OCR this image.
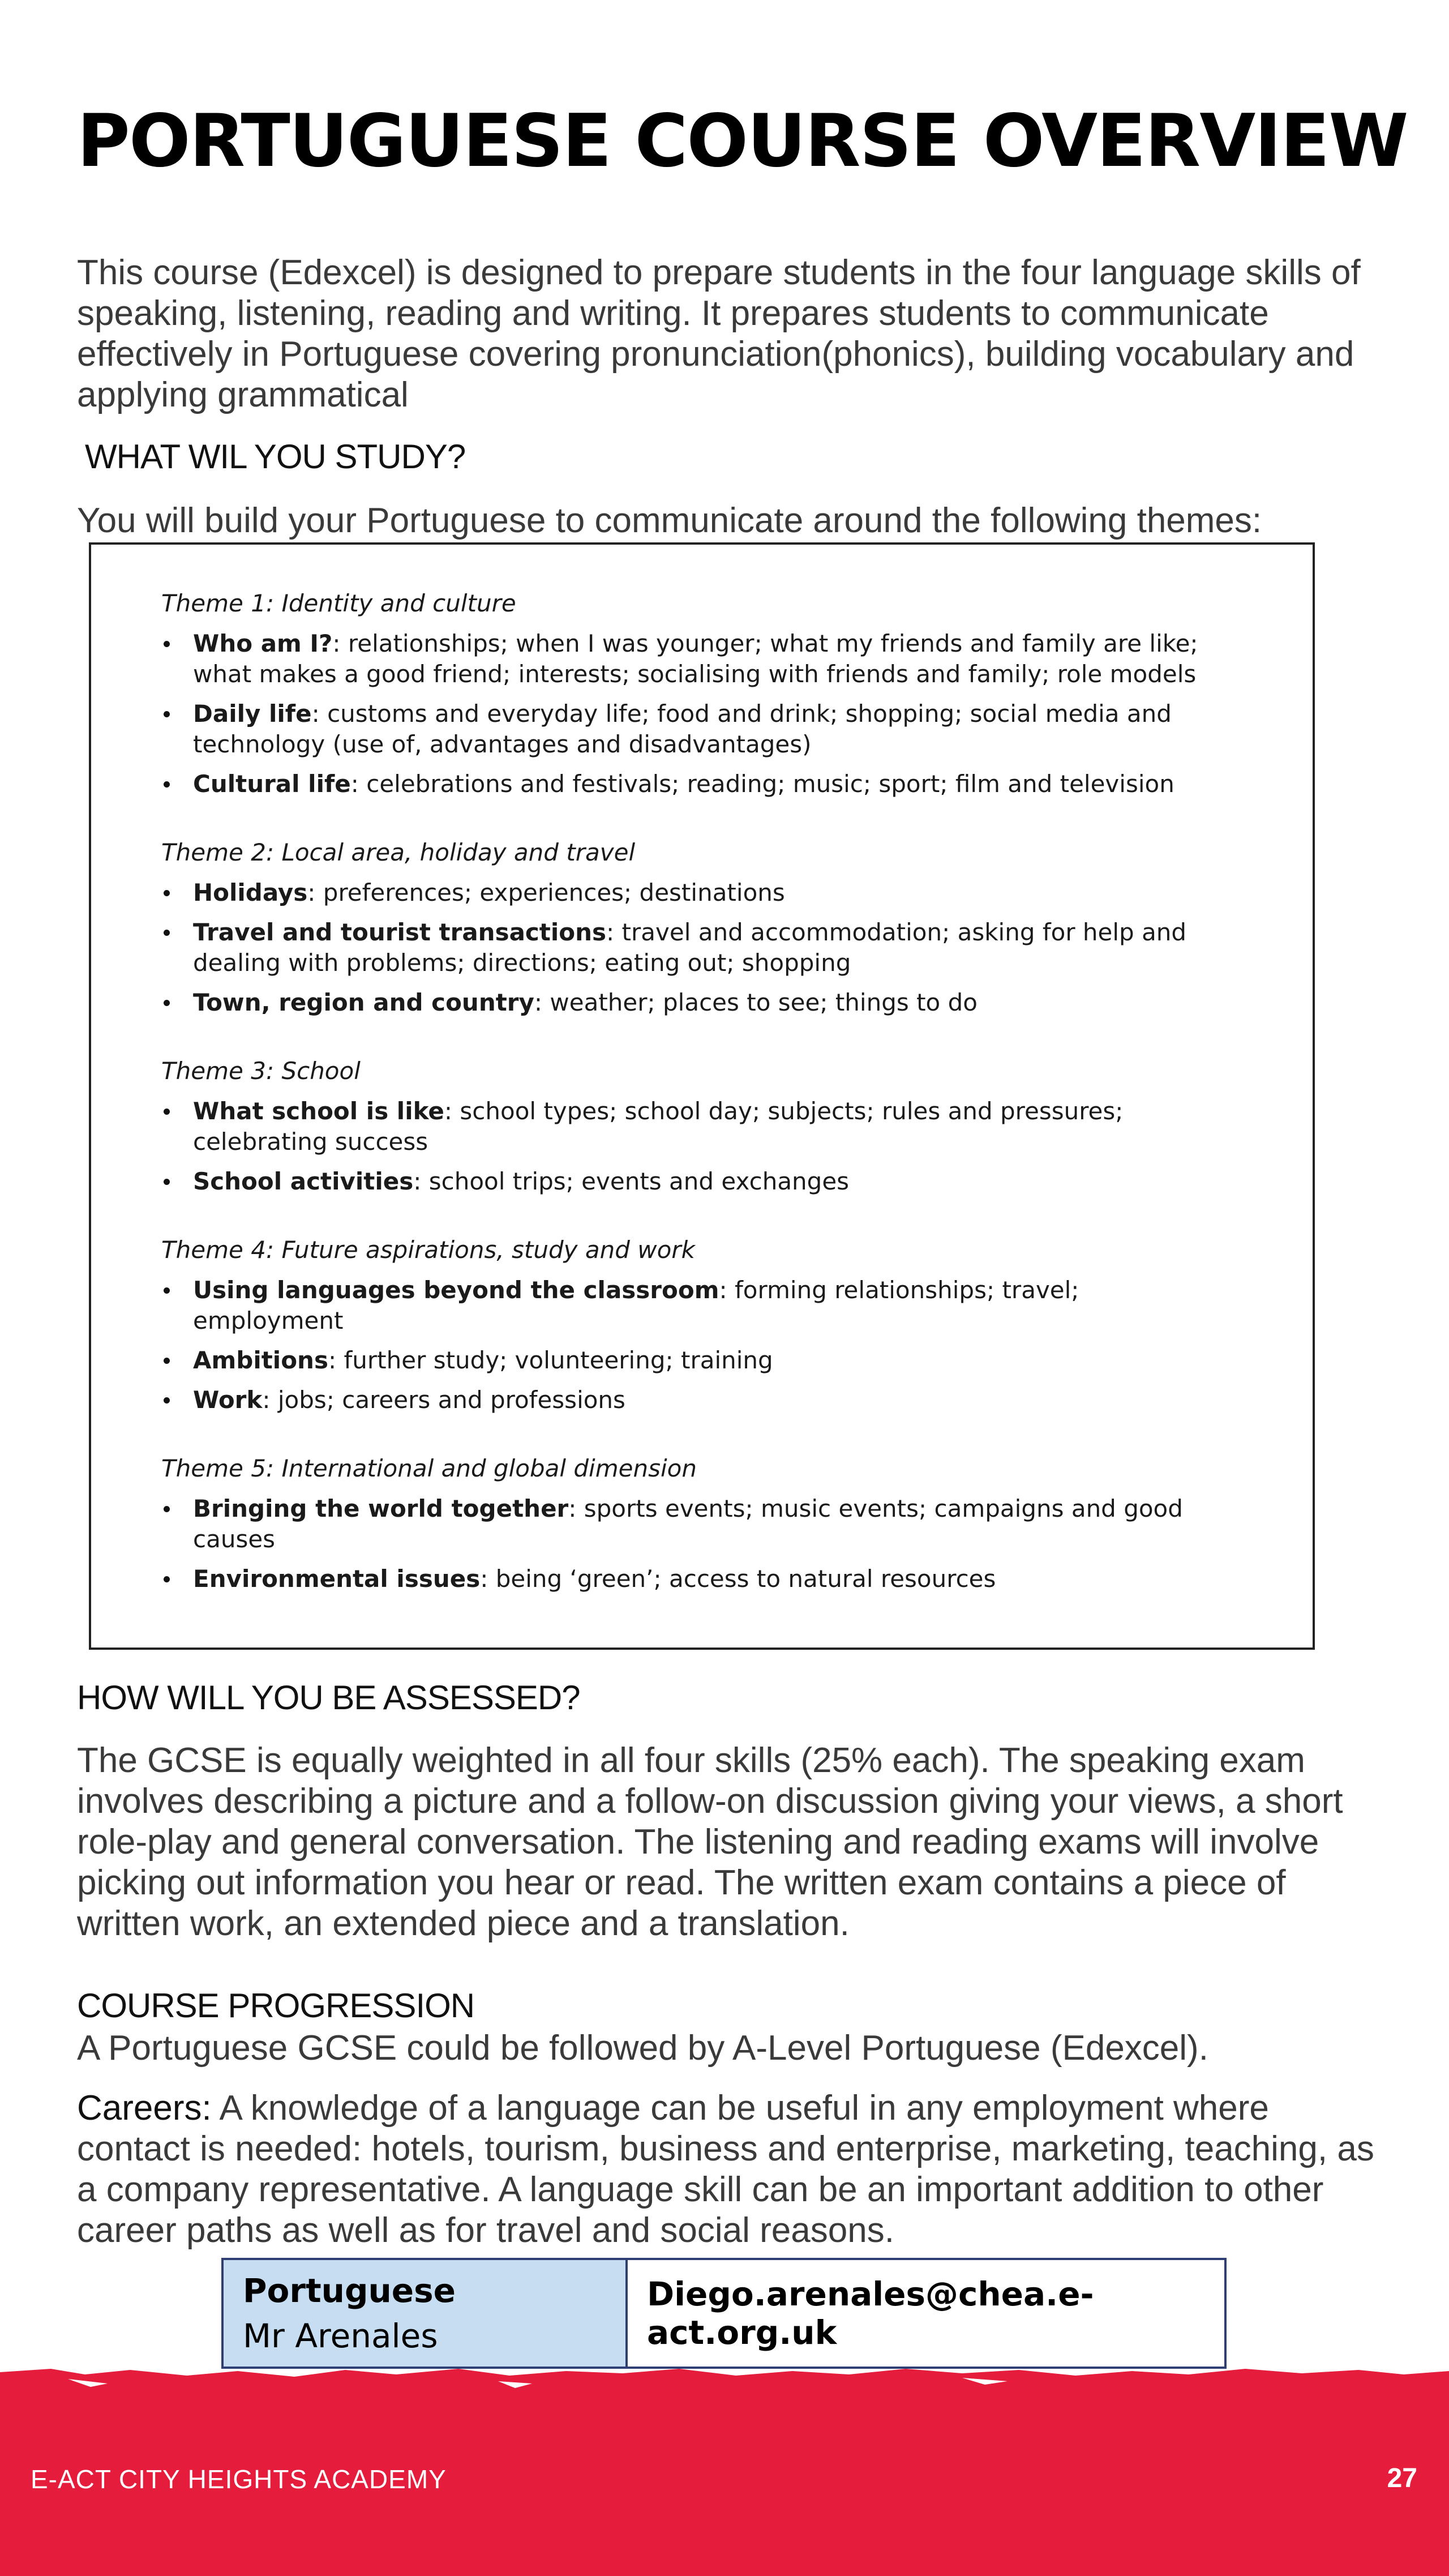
PORTUGUESE COURSE OVERVIEW

This course (Edexcel) is designed to prepare students in the four language skills of speaking, listening, reading and writing. It prepares students to communicate effectively in Portuguese covering pronunciation(phonics), building vocabulary and applying grammatical

WHAT WIL YOU STUDY?

You will build your Portuguese to communicate around the following themes:

Theme 1: Identity and culture
Who am I?: relationships; when I was younger; what my friends and family are like; what makes a good friend; interests; socialising with friends and family; role models
Daily life: customs and everyday life; food and drink; shopping; social media and technology (use of, advantages and disadvantages)
Cultural life: celebrations and festivals; reading; music; sport; film and television
Theme 2: Local area, holiday and travel
Holidays: preferences; experiences; destinations
Travel and tourist transactions: travel and accommodation; asking for help and dealing with problems; directions; eating out; shopping
Town, region and country: weather; places to see; things to do
Theme 3: School
What school is like: school types; school day; subjects; rules and pressures; celebrating success
School activities: school trips; events and exchanges
Theme 4: Future aspirations, study and work
Using languages beyond the classroom: forming relationships; travel; employment
Ambitions: further study; volunteering; training
Work: jobs; careers and professions
Theme 5: International and global dimension
Bringing the world together: sports events; music events; campaigns and good causes
Environmental issues: being ‘green’; access to natural resources
HOW WILL YOU BE ASSESSED?

The GCSE is equally weighted in all four skills (25% each). The speaking exam involves describing a picture and a follow-on discussion giving your views, a short role-play and general conversation. The listening and reading exams will involve picking out information you hear or read. The written exam contains a piece of written work, an extended piece and a translation.

COURSE PROGRESSION

A Portuguese GCSE could be followed by A-Level Portuguese (Edexcel).

Careers: A knowledge of a language can be useful in any employment where contact is needed: hotels, tourism, business and enterprise, marketing, teaching, as a company representative. A language skill can be an important addition to other career paths as well as for travel and social reasons.

Portuguese
Mr Arenales
Diego.arenales@chea.e-act.org.uk
E-ACT CITY HEIGHTS ACADEMY	27
